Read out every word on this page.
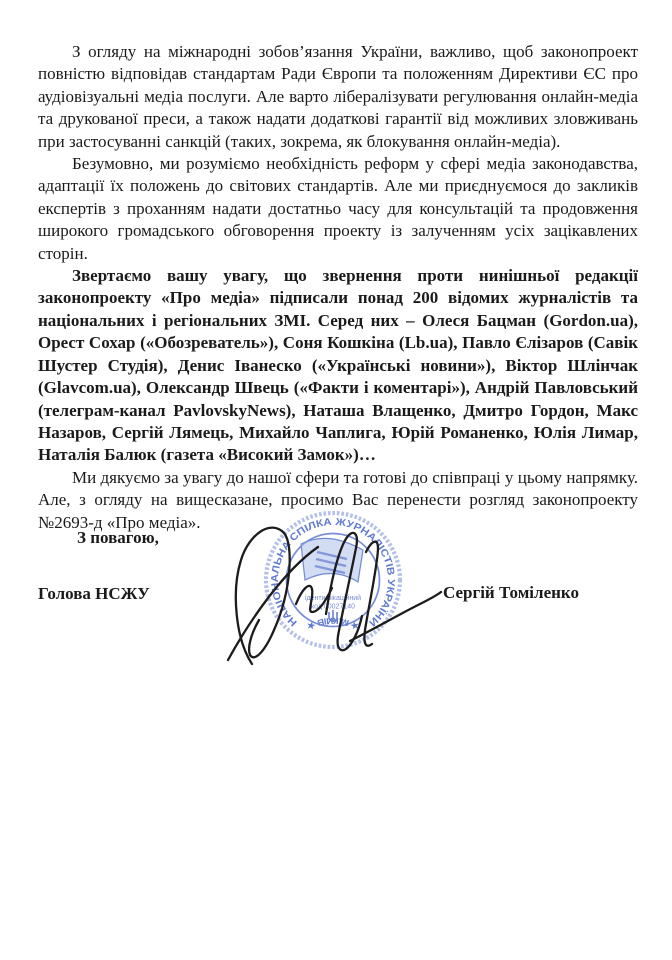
З огляду на міжнародні зобов’язання України, важливо, щоб законопроект повністю відповідав стандартам Ради Європи та положенням Директиви ЄС про аудіовізуальні медіа послуги. Але варто лібералізувати регулювання онлайн-медіа та друкованої преси, а також надати додаткові гарантії від можливих зловживань при застосуванні санкцій (таких, зокрема, як блокування онлайн-медіа).

Безумовно, ми розуміємо необхідність реформ у сфері медіа законодавства, адаптації їх положень до світових стандартів. Але ми приєднуємося до закликів експертів з проханням надати достатньо часу для консультацій та продовження широкого громадського обговорення проекту із залученням усіх зацікавлених сторін.

Звертаємо вашу увагу, що звернення проти нинішньої редакції законопроекту «Про медіа» підписали понад 200 відомих журналістів та національних і регіональних ЗМІ. Серед них – Олеся Бацман (Gordon.ua), Орест Сохар («Обозреватель»), Соня Кошкіна (Lb.ua), Павло Єлізаров (Савік Шустер Студія), Денис Іванеско («Українські новини»), Віктор Шлінчак (Glavcom.ua), Олександр Швець («Факти і коментарі»), Андрій Павловський (телеграм-канал PavlovskyNews), Наташа Влащенко, Дмитро Гордон, Макс Назаров, Сергій Лямець, Михайло Чаплига, Юрій Романенко, Юлія Лимар, Наталія Балюк (газета «Високий Замок»)…

Ми дякуємо за увагу до нашої сфери та готові до співпраці у цьому напрямку. Але, з огляду на вищесказане, просимо Вас перенести розгляд законопроекту №2693-д «Про медіа».

З повагою,
Голова НСЖУ	Сергій Томіленко
НАЦІОНАЛЬНА СПІЛКА ЖУРНАЛІСТІВ УКРАЇНИ
★ М.КИЇВ ★
ідентифікаційний
код 00027140
